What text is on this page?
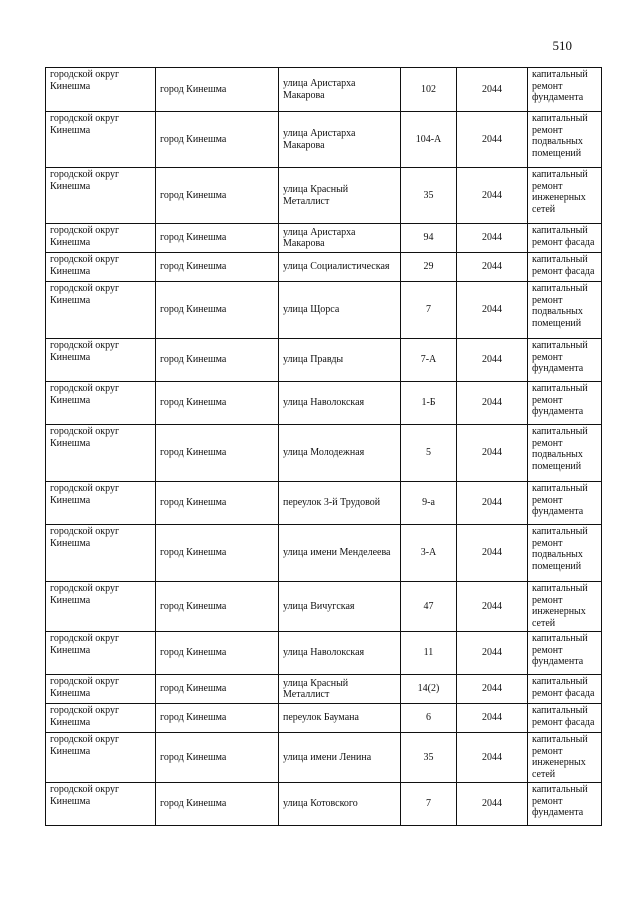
510
городской округ Кинешма	город Кинешма	улица Аристарха Макарова	102	2044	капитальный ремонт фундамента
городской округ Кинешма	город Кинешма	улица Аристарха Макарова	104-А	2044	капитальный ремонт подвальных помещений
городской округ Кинешма	город Кинешма	улица Красный Металлист	35	2044	капитальный ремонт инженерных сетей
городской округ Кинешма	город Кинешма	улица Аристарха Макарова	94	2044	капитальный ремонт фасада
городской округ Кинешма	город Кинешма	улица Социалистическая	29	2044	капитальный ремонт фасада
городской округ Кинешма	город Кинешма	улица Щорса	7	2044	капитальный ремонт подвальных помещений
городской округ Кинешма	город Кинешма	улица Правды	7-А	2044	капитальный ремонт фундамента
городской округ Кинешма	город Кинешма	улица Наволокская	1-Б	2044	капитальный ремонт фундамента
городской округ Кинешма	город Кинешма	улица Молодежная	5	2044	капитальный ремонт подвальных помещений
городской округ Кинешма	город Кинешма	переулок 3-й Трудовой	9-а	2044	капитальный ремонт фундамента
городской округ Кинешма	город Кинешма	улица имени Менделеева	3-А	2044	капитальный ремонт подвальных помещений
городской округ Кинешма	город Кинешма	улица Вичугская	47	2044	капитальный ремонт инженерных сетей
городской округ Кинешма	город Кинешма	улица Наволокская	11	2044	капитальный ремонт фундамента
городской округ Кинешма	город Кинешма	улица Красный Металлист	14(2)	2044	капитальный ремонт фасада
городской округ Кинешма	город Кинешма	переулок Баумана	6	2044	капитальный ремонт фасада
городской округ Кинешма	город Кинешма	улица имени Ленина	35	2044	капитальный ремонт инженерных сетей
городской округ Кинешма	город Кинешма	улица Котовского	7	2044	капитальный ремонт фундамента
